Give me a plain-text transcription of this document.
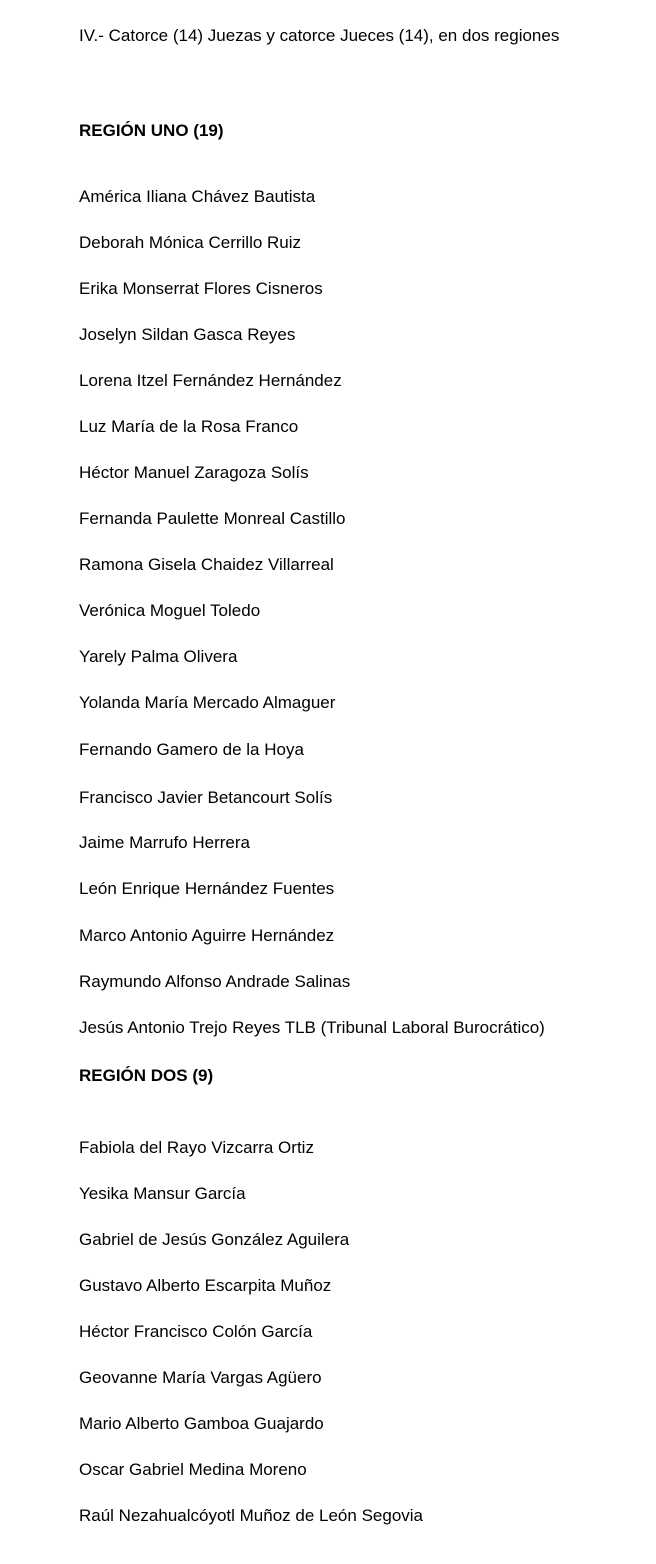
IV.- Catorce (14) Juezas y catorce Jueces (14), en dos regiones

REGIÓN UNO (19)

América Iliana Chávez Bautista

Deborah Mónica Cerrillo Ruiz

Erika Monserrat Flores Cisneros

Joselyn Sildan Gasca Reyes

Lorena Itzel Fernández Hernández

Luz María de la Rosa Franco

Héctor Manuel Zaragoza Solís

Fernanda Paulette Monreal Castillo

Ramona Gisela Chaidez Villarreal

Verónica Moguel Toledo

Yarely Palma Olivera

Yolanda María Mercado Almaguer

Fernando Gamero de la Hoya

Francisco Javier Betancourt Solís

Jaime Marrufo Herrera

León Enrique Hernández Fuentes

Marco Antonio Aguirre Hernández

Raymundo Alfonso Andrade Salinas

Jesús Antonio Trejo Reyes TLB (Tribunal Laboral Burocrático)

REGIÓN DOS (9)

Fabiola del Rayo Vizcarra Ortiz

Yesika Mansur García

Gabriel de Jesús González Aguilera

Gustavo Alberto Escarpita Muñoz

Héctor Francisco Colón García

Geovanne María Vargas Agüero

Mario Alberto Gamboa Guajardo

Oscar Gabriel Medina Moreno

Raúl Nezahualcóyotl Muñoz de León Segovia
